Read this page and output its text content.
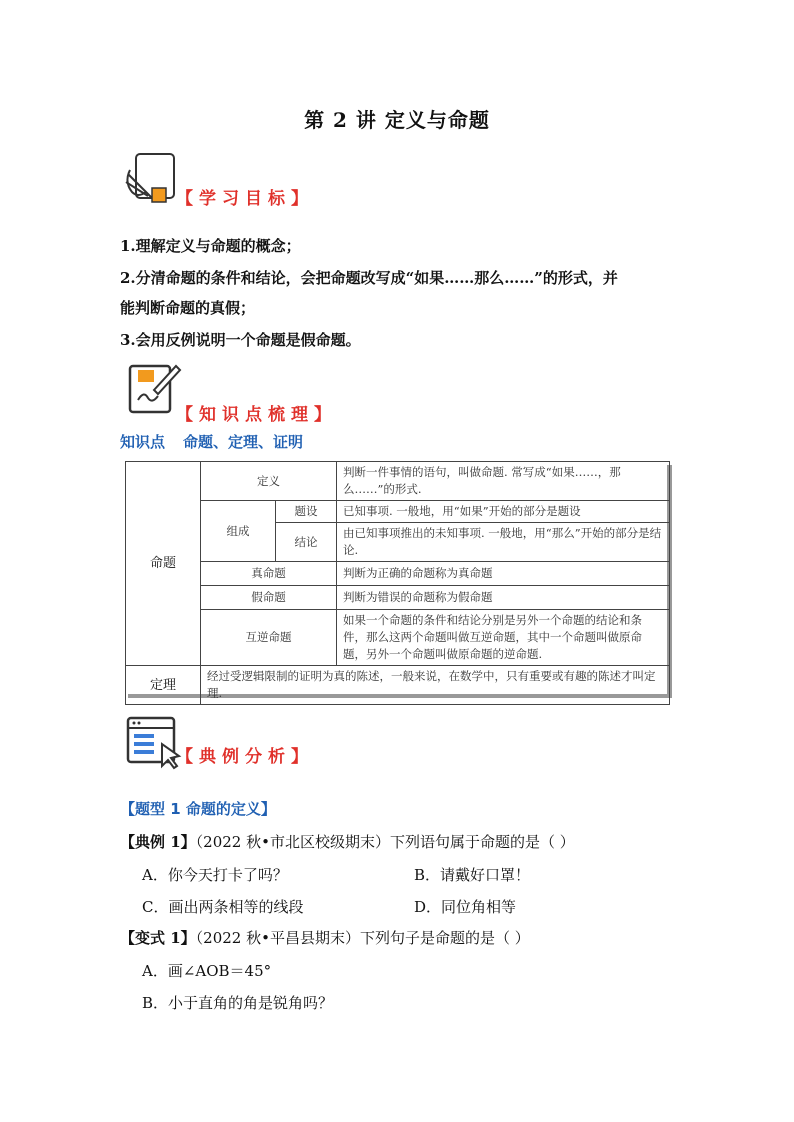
第 2 讲 定义与命题
【学习目标】
1.理解定义与命题的概念；
2.分清命题的条件和结论，会把命题改写成“如果……那么……”的形式，并
能判断命题的真假；
3.会用反例说明一个命题是假命题。
【知识点梳理】
知识点 命题、定理、证明
命题	定义		判断一件事情的语句，叫做命题. 常写成“如果……，那么……”的形式.
	组成	题设	已知事项. 一般地，用“如果”开始的部分是题设
		结论	由已知事项推出的未知事项. 一般地，用“那么”开始的部分是结论.
	真命题		判断为正确的命题称为真命题
	假命题		判断为错误的命题称为假命题
	互逆命题		如果一个命题的条件和结论分别是另外一个命题的结论和条件，那么这两个命题叫做互逆命题，其中一个命题叫做原命题，另外一个命题叫做原命题的逆命题.
定理	经过受逻辑限制的证明为真的陈述，一般来说，在数学中，只有重要或有趣的陈述才叫定理.		
【典例分析】
【题型 1 命题的定义】
【典例 1】（2022 秋•市北区校级期末）下列语句属于命题的是（ ）
A．你今天打卡了吗？	B．请戴好口罩！
C．画出两条相等的线段	D．同位角相等
【变式 1】（2022 秋•平昌县期末）下列句子是命题的是（ ）
A．画∠AOB＝45°
B．小于直角的角是锐角吗？
